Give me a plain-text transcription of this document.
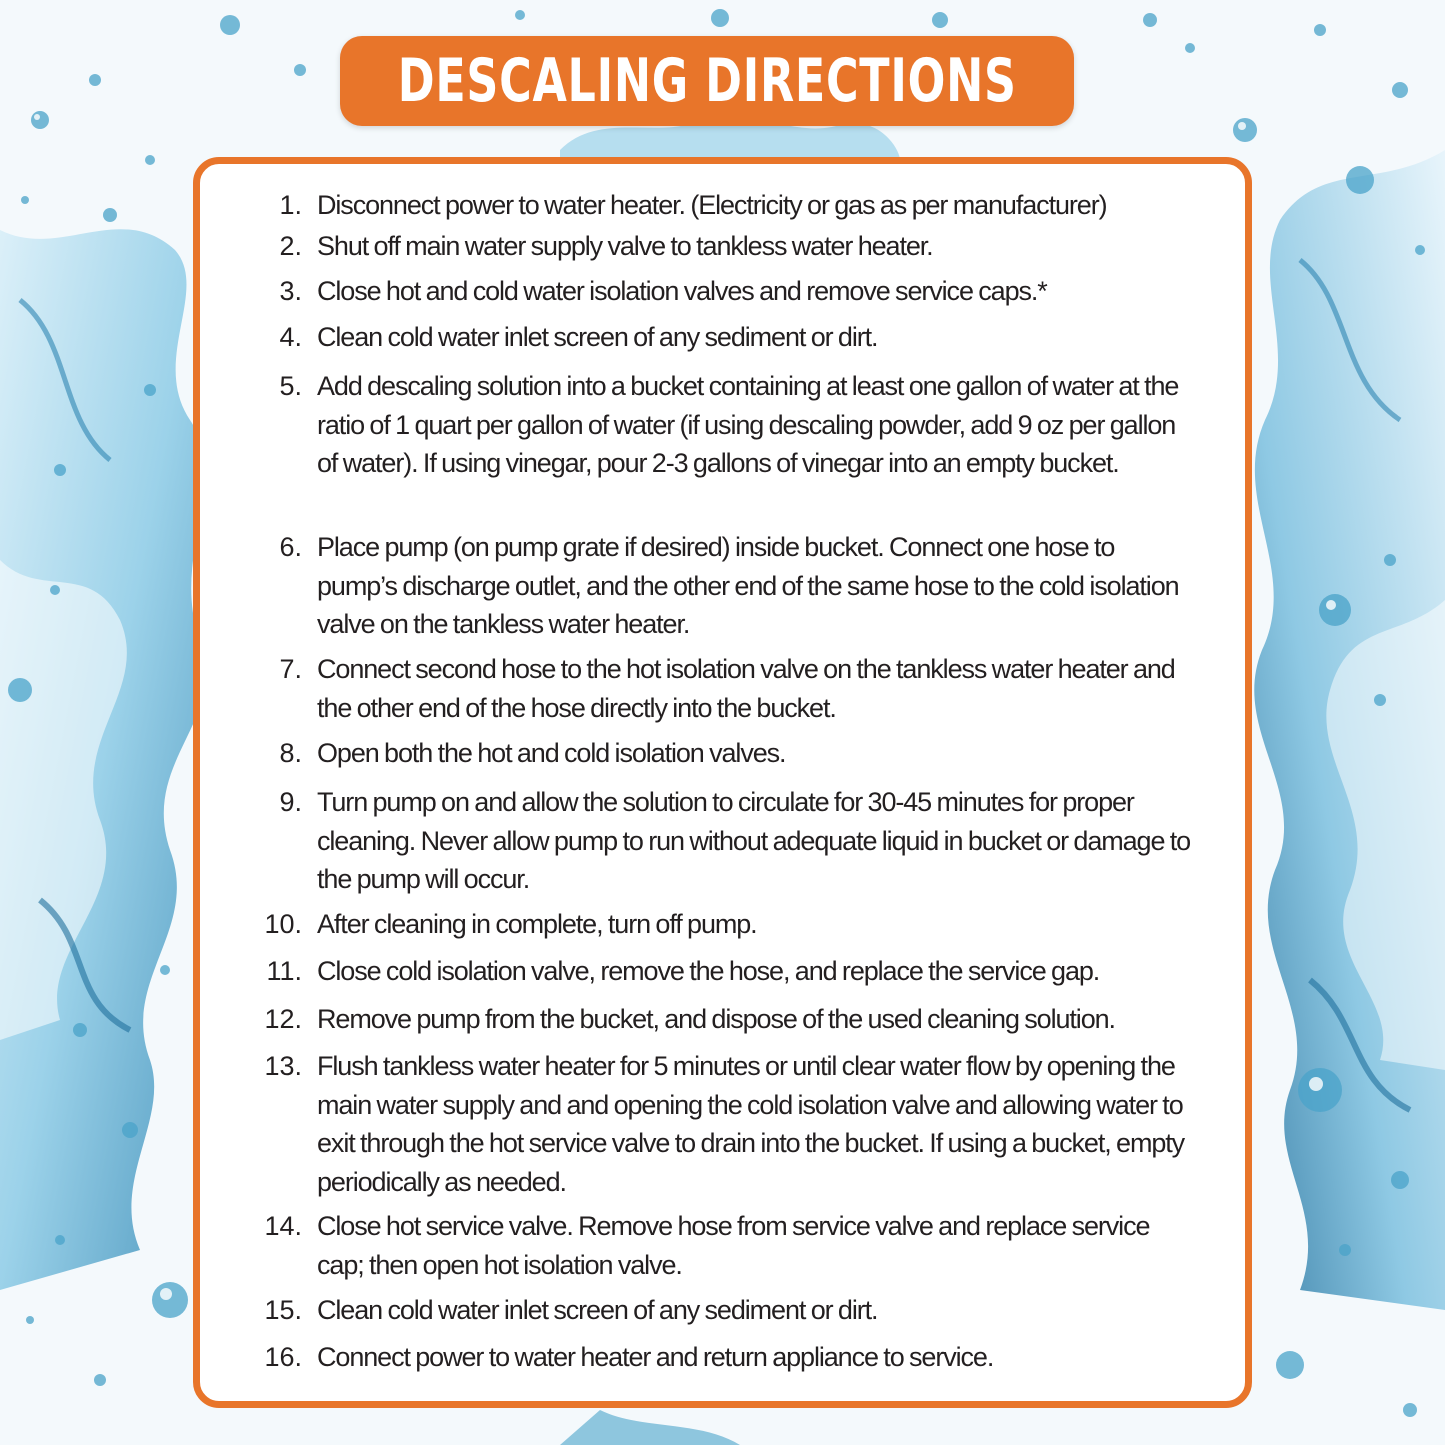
DESCALING DIRECTIONS
1. Disconnect power to water heater. (Electricity or gas as per manufacturer)
2. Shut off main water supply valve to tankless water heater.
3. Close hot and cold water isolation valves and remove service caps.*
4. Clean cold water inlet screen of any sediment or dirt.
5. Add descaling solution into a bucket containing at least one gallon of water at the ratio of 1 quart per gallon of water (if using descaling powder, add 9 oz per gallon of water). If using vinegar, pour 2-3 gallons of vinegar into an empty bucket.
6. Place pump (on pump grate if desired) inside bucket. Connect one hose to pump’s discharge outlet, and the other end of the same hose to the cold isolation valve on the tankless water heater.
7. Connect second hose to the hot isolation valve on the tankless water heater and the other end of the hose directly into the bucket.
8. Open both the hot and cold isolation valves.
9. Turn pump on and allow the solution to circulate for 30-45 minutes for proper cleaning. Never allow pump to run without adequate liquid in bucket or damage to the pump will occur.
10. After cleaning in complete, turn off pump.
11. Close cold isolation valve, remove the hose, and replace the service gap.
12. Remove pump from the bucket, and dispose of the used cleaning solution.
13. Flush tankless water heater for 5 minutes or until clear water flow by opening the main water supply and and opening the cold isolation valve and allowing water to exit through the hot service valve to drain into the bucket. If using a bucket, empty periodically as needed.
14. Close hot service valve. Remove hose from service valve and replace service cap; then open hot isolation valve.
15. Clean cold water inlet screen of any sediment or dirt.
16. Connect power to water heater and return appliance to service.
